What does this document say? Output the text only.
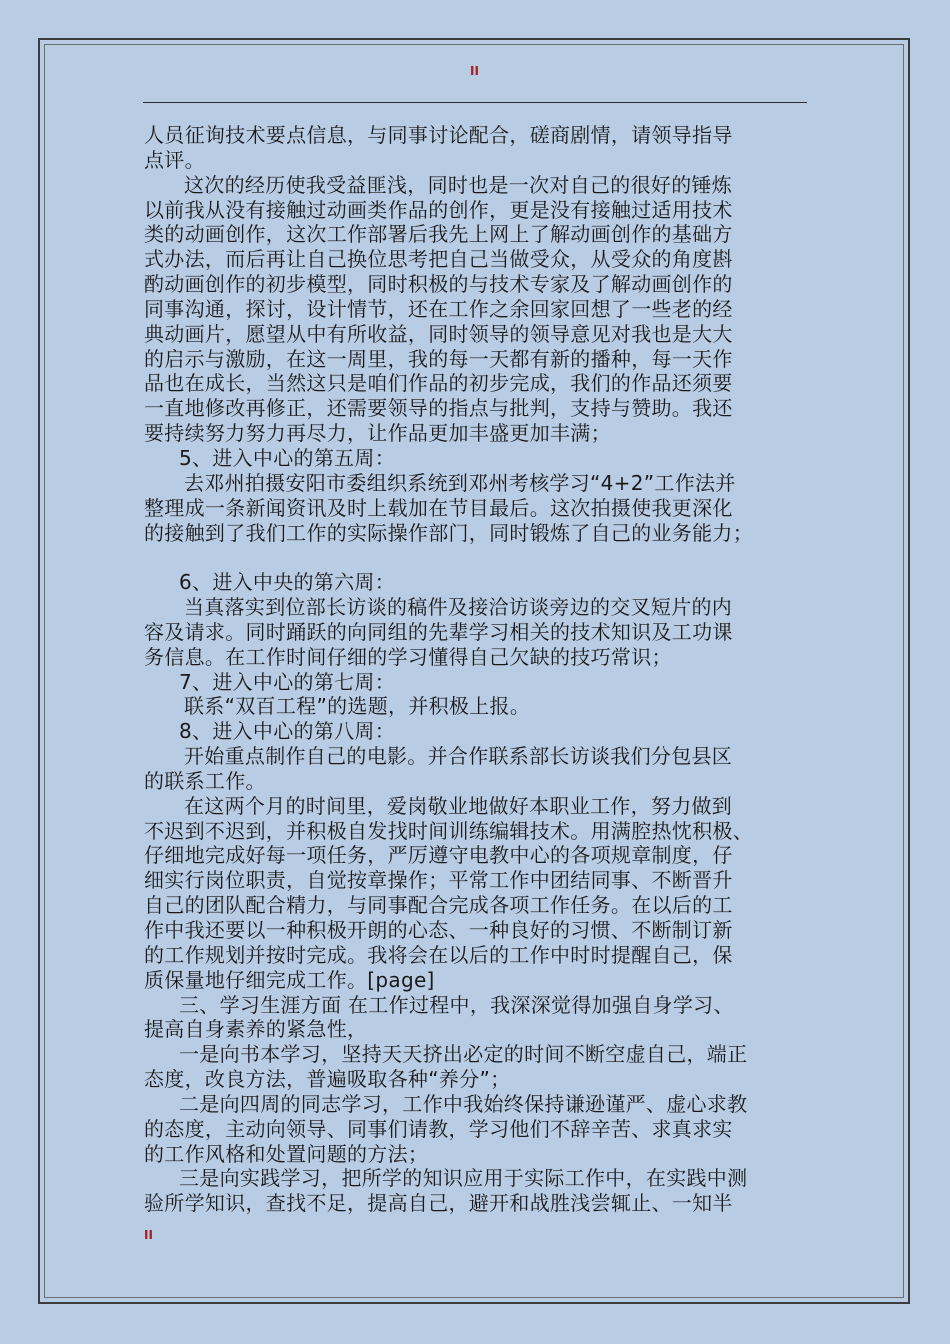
II

人员征询技术要点信息，与同事讨论配合，磋商剧情，请领导指导
点评。

这次的经历使我受益匪浅，同时也是一次对自己的很好的锤炼
以前我从没有接触过动画类作品的创作，更是没有接触过适用技术
类的动画创作，这次工作部署后我先上网上了解动画创作的基础方
式办法，而后再让自己换位思考把自己当做受众，从受众的角度斟
酌动画创作的初步模型，同时积极的与技术专家及了解动画创作的
同事沟通，探讨，设计情节，还在工作之余回家回想了一些老的经
典动画片，愿望从中有所收益，同时领导的领导意见对我也是大大
的启示与激励，在这一周里，我的每一天都有新的播种，每一天作
品也在成长，当然这只是咱们作品的初步完成，我们的作品还须要
一直地修改再修正，还需要领导的指点与批判，支持与赞助。我还
要持续努力努力再尽力，让作品更加丰盛更加丰满；

5、进入中心的第五周：

去邓州拍摄安阳市委组织系统到邓州考核学习“4+2”工作法并
整理成一条新闻资讯及时上载加在节目最后。这次拍摄使我更深化
的接触到了我们工作的实际操作部门，同时锻炼了自己的业务能力；

6、进入中央的第六周：

当真落实到位部长访谈的稿件及接洽访谈旁边的交叉短片的内
容及请求。同时踊跃的向同组的先辈学习相关的技术知识及工功课
务信息。在工作时间仔细的学习懂得自己欠缺的技巧常识；

7、进入中心的第七周：

联系“双百工程”的选题，并积极上报。

8、进入中心的第八周：

开始重点制作自己的电影。并合作联系部长访谈我们分包县区
的联系工作。

在这两个月的时间里，爱岗敬业地做好本职业工作，努力做到
不迟到不迟到，并积极自发找时间训练编辑技术。用满腔热忱积极、
仔细地完成好每一项任务，严厉遵守电教中心的各项规章制度，仔
细实行岗位职责，自觉按章操作；平常工作中团结同事、不断晋升
自己的团队配合精力，与同事配合完成各项工作任务。在以后的工
作中我还要以一种积极开朗的心态、一种良好的习惯、不断制订新
的工作规划并按时完成。我将会在以后的工作中时时提醒自己，保
质保量地仔细完成工作。[page]

三、学习生涯方面 在工作过程中，我深深觉得加强自身学习、
提高自身素养的紧急性，

一是向书本学习，坚持天天挤出必定的时间不断空虚自己，端正
态度，改良方法，普遍吸取各种“养分”；

二是向四周的同志学习，工作中我始终保持谦逊谨严、虚心求教
的态度，主动向领导、同事们请教，学习他们不辞辛苦、求真求实
的工作风格和处置问题的方法；

三是向实践学习，把所学的知识应用于实际工作中，在实践中测
验所学知识，查找不足，提高自己，避开和战胜浅尝辄止、一知半

II
